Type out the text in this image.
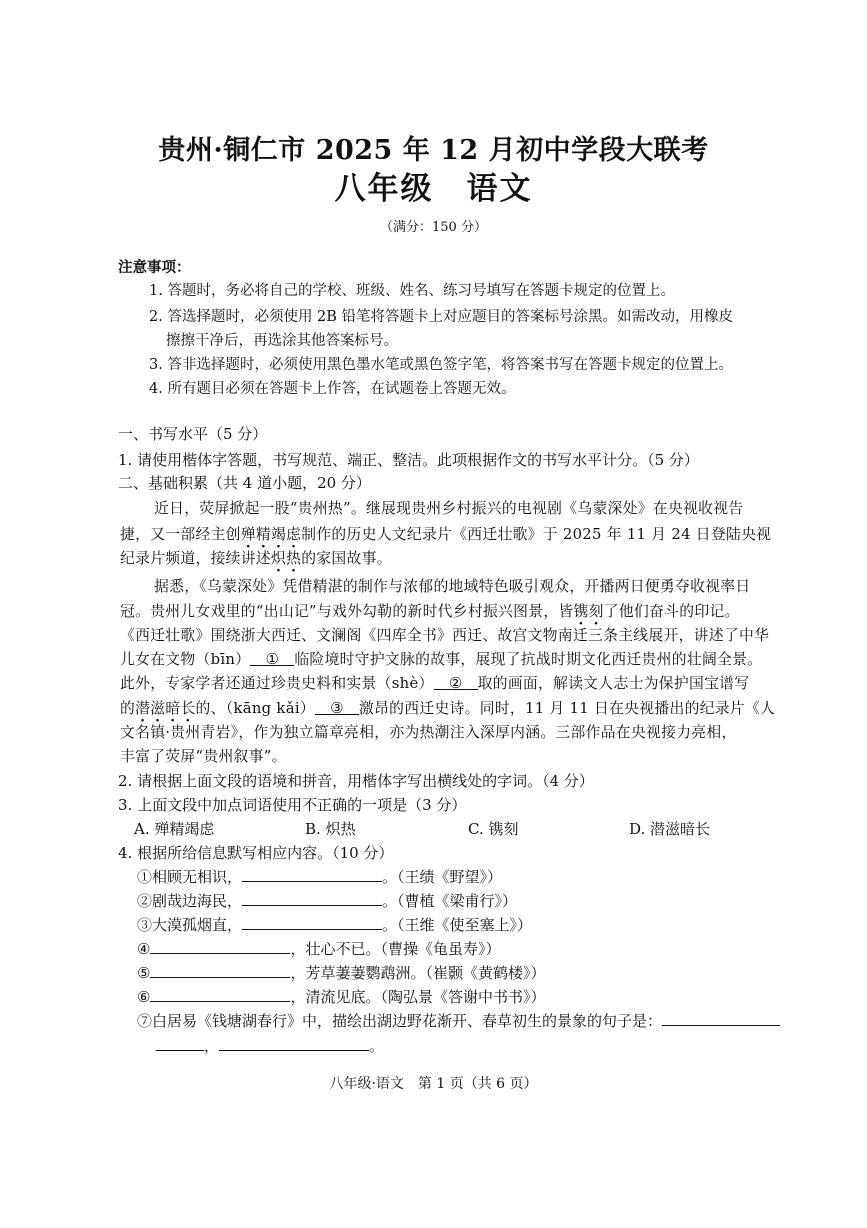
贵州·铜仁市 2025 年 12 月初中学段大联考
八年级　语文
（满分：150 分）
注意事项：
1. 答题时，务必将自己的学校、班级、姓名、练习号填写在答题卡规定的位置上。
2. 答选择题时，必须使用 2B 铅笔将答题卡上对应题目的答案标号涂黑。如需改动，用橡皮
擦擦干净后，再选涂其他答案标号。
3. 答非选择题时，必须使用黑色墨水笔或黑色签字笔，将答案书写在答题卡规定的位置上。
4. 所有题目必须在答题卡上作答，在试题卷上答题无效。
一、书写水平（5 分）
1. 请使用楷体字答题，书写规范、端正、整洁。此项根据作文的书写水平计分。（5 分）
二、基础积累（共 4 道小题，20 分）
近日，荧屏掀起一股“贵州热”。继展现贵州乡村振兴的电视剧《乌蒙深处》在央视收视告
捷，又一部经主创殚精竭虑制作的历史人文纪录片《西迁壮歌》于 2025 年 11 月 24 日登陆央视
纪录片频道，接续讲述炽热的家国故事。
据悉，《乌蒙深处》凭借精湛的制作与浓郁的地域特色吸引观众，开播两日便勇夺收视率日
冠。贵州儿女戏里的“出山记”与戏外勾勒的新时代乡村振兴图景，皆镌刻了他们奋斗的印记。
《西迁壮歌》围绕浙大西迁、文澜阁《四库全书》西迁、故宫文物南迁三条主线展开，讲述了中华
儿女在文物（bīn） ① 临险境时守护文脉的故事，展现了抗战时期文化西迁贵州的壮阔全景。
此外，专家学者还通过珍贵史料和实景（shè） ② 取的画面，解读文人志士为保护国宝谱写
的潜滋暗长的、（kāng kǎi） ③ 激昂的西迁史诗。同时，11 月 11 日在央视播出的纪录片《人
文名镇·贵州青岩》，作为独立篇章亮相，亦为热潮注入深厚内涵。三部作品在央视接力亮相，
丰富了荧屏“贵州叙事”。
2. 请根据上面文段的语境和拼音，用楷体字写出横线处的字词。（4 分）
3. 上面文段中加点词语使用不正确的一项是（3 分）
A. 殚精竭虑	B. 炽热	C. 镌刻	D. 潜滋暗长
4. 根据所给信息默写相应内容。（10 分）
①相顾无相识，	。（王绩《野望》）
②剧哉边海民，	。（曹植《梁甫行》）
③大漠孤烟直，	。（王维《使至塞上》）
④	，壮心不已。（曹操《龟虽寿》）
⑤	，芳草萋萋鹦鹉洲。（崔颢《黄鹤楼》）
⑥	，清流见底。（陶弘景《答谢中书书》）
⑦白居易《钱塘湖春行》中，描绘出湖边野花渐开、春草初生的景象的句子是：
，	。
八年级·语文　第 1 页（共 6 页）
